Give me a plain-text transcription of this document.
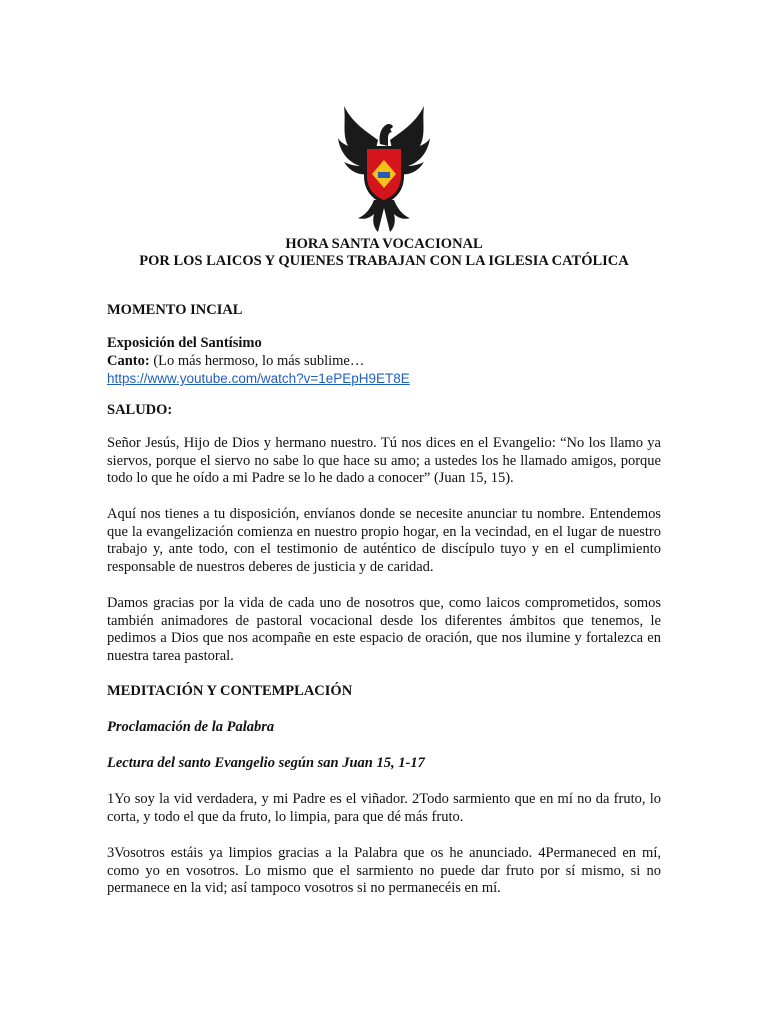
HORA SANTA VOCACIONAL
POR LOS LAICOS Y QUIENES TRABAJAN CON LA IGLESIA CATÓLICA
MOMENTO INCIAL
Exposición del Santísimo
Canto: (Lo más hermoso, lo más sublime…
https://www.youtube.com/watch?v=1ePEpH9ET8E
SALUDO:
Señor Jesús, Hijo de Dios y hermano nuestro. Tú nos dices en el Evangelio: “No los llamo ya siervos, porque el siervo no sabe lo que hace su amo; a ustedes los he llamado amigos, porque todo lo que he oído a mi Padre se lo he dado a conocer” (Juan 15, 15).
Aquí nos tienes a tu disposición, envíanos donde se necesite anunciar tu nombre. Entendemos que la evangelización comienza en nuestro propio hogar, en la vecindad, en el lugar de nuestro trabajo y, ante todo, con el testimonio de auténtico de discípulo tuyo y en el cumplimiento responsable de nuestros deberes de justicia y de caridad.
Damos gracias por la vida de cada uno de nosotros que, como laicos comprometidos, somos también animadores de pastoral vocacional desde los diferentes ámbitos que tenemos, le pedimos a Dios que nos acompañe en este espacio de oración, que nos ilumine y fortalezca en nuestra tarea pastoral.
MEDITACIÓN Y CONTEMPLACIÓN
Proclamación de la Palabra
Lectura del santo Evangelio según san Juan 15, 1-17
1Yo soy la vid verdadera, y mi Padre es el viñador. 2Todo sarmiento que en mí no da fruto, lo corta, y todo el que da fruto, lo limpia, para que dé más fruto.
3Vosotros estáis ya limpios gracias a la Palabra que os he anunciado. 4Permaneced en mí, como yo en vosotros. Lo mismo que el sarmiento no puede dar fruto por sí mismo, si no permanece en la vid; así tampoco vosotros si no permanecéis en mí.
